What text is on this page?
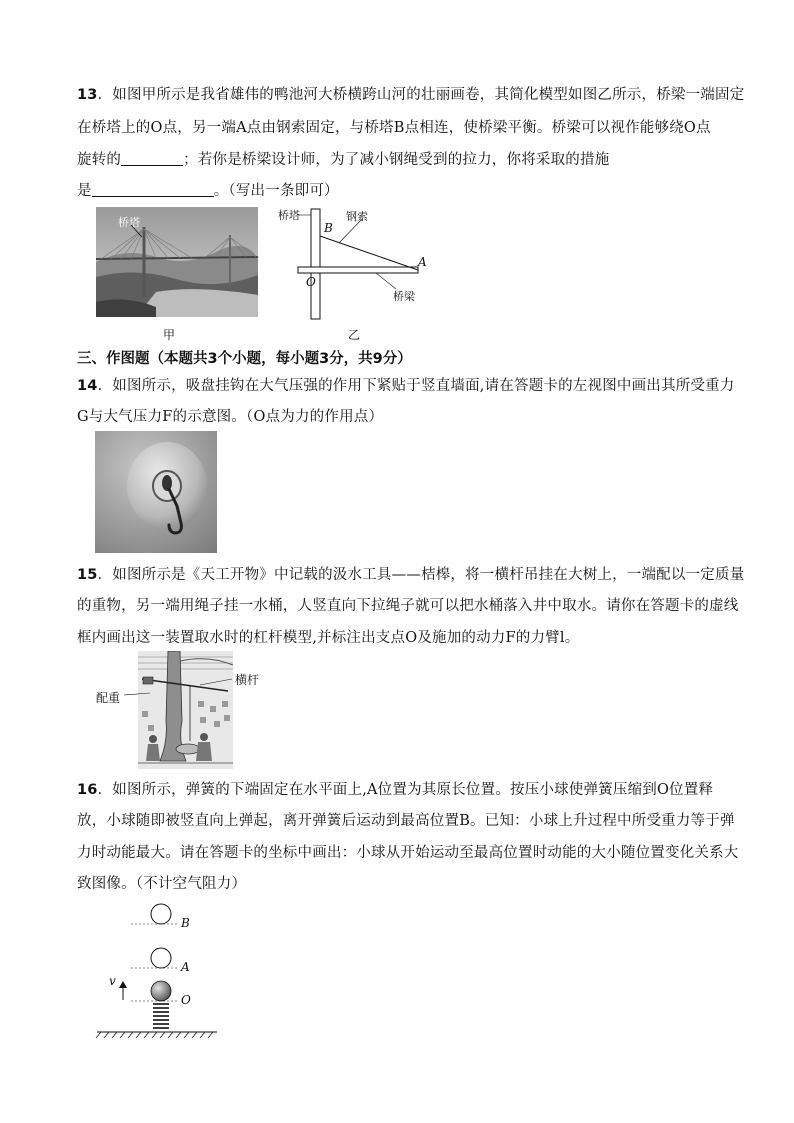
13．如图甲所示是我省雄伟的鸭池河大桥横跨山河的壮丽画卷，其简化模型如图乙所示，桥梁一端固定
在桥塔上的O点，另一端A点由钢索固定，与桥塔B点相连，使桥梁平衡。桥梁可以视作能够绕O点
旋转的	；若你是桥梁设计师，为了减小钢绳受到的拉力，你将采取的措施
是	。（写出一条即可）
桥塔
甲
桥塔	钢索
桥梁
B
A
O
乙
三、作图题（本题共3个小题，每小题3分，共9分）
14．如图所示，吸盘挂钩在大气压强的作用下紧贴于竖直墙面,请在答题卡的左视图中画出其所受重力
G与大气压力F的示意图。（O点为力的作用点）
15．如图所示是《天工开物》中记载的汲水工具——桔槔，将一横杆吊挂在大树上，一端配以一定质量
的重物，另一端用绳子挂一水桶，人竖直向下拉绳子就可以把水桶落入井中取水。请你在答题卡的虚线
框内画出这一装置取水时的杠杆模型,并标注出支点O及施加的动力F的力臂l。
配重
横杆
16．如图所示，弹簧的下端固定在水平面上,A位置为其原长位置。按压小球使弹簧压缩到O位置释
放，小球随即被竖直向上弹起，离开弹簧后运动到最高位置B。已知：小球上升过程中所受重力等于弹
力时动能最大。请在答题卡的坐标中画出：小球从开始运动至最高位置时动能的大小随位置变化关系大
致图像。（不计空气阻力）
B
A
O
v
